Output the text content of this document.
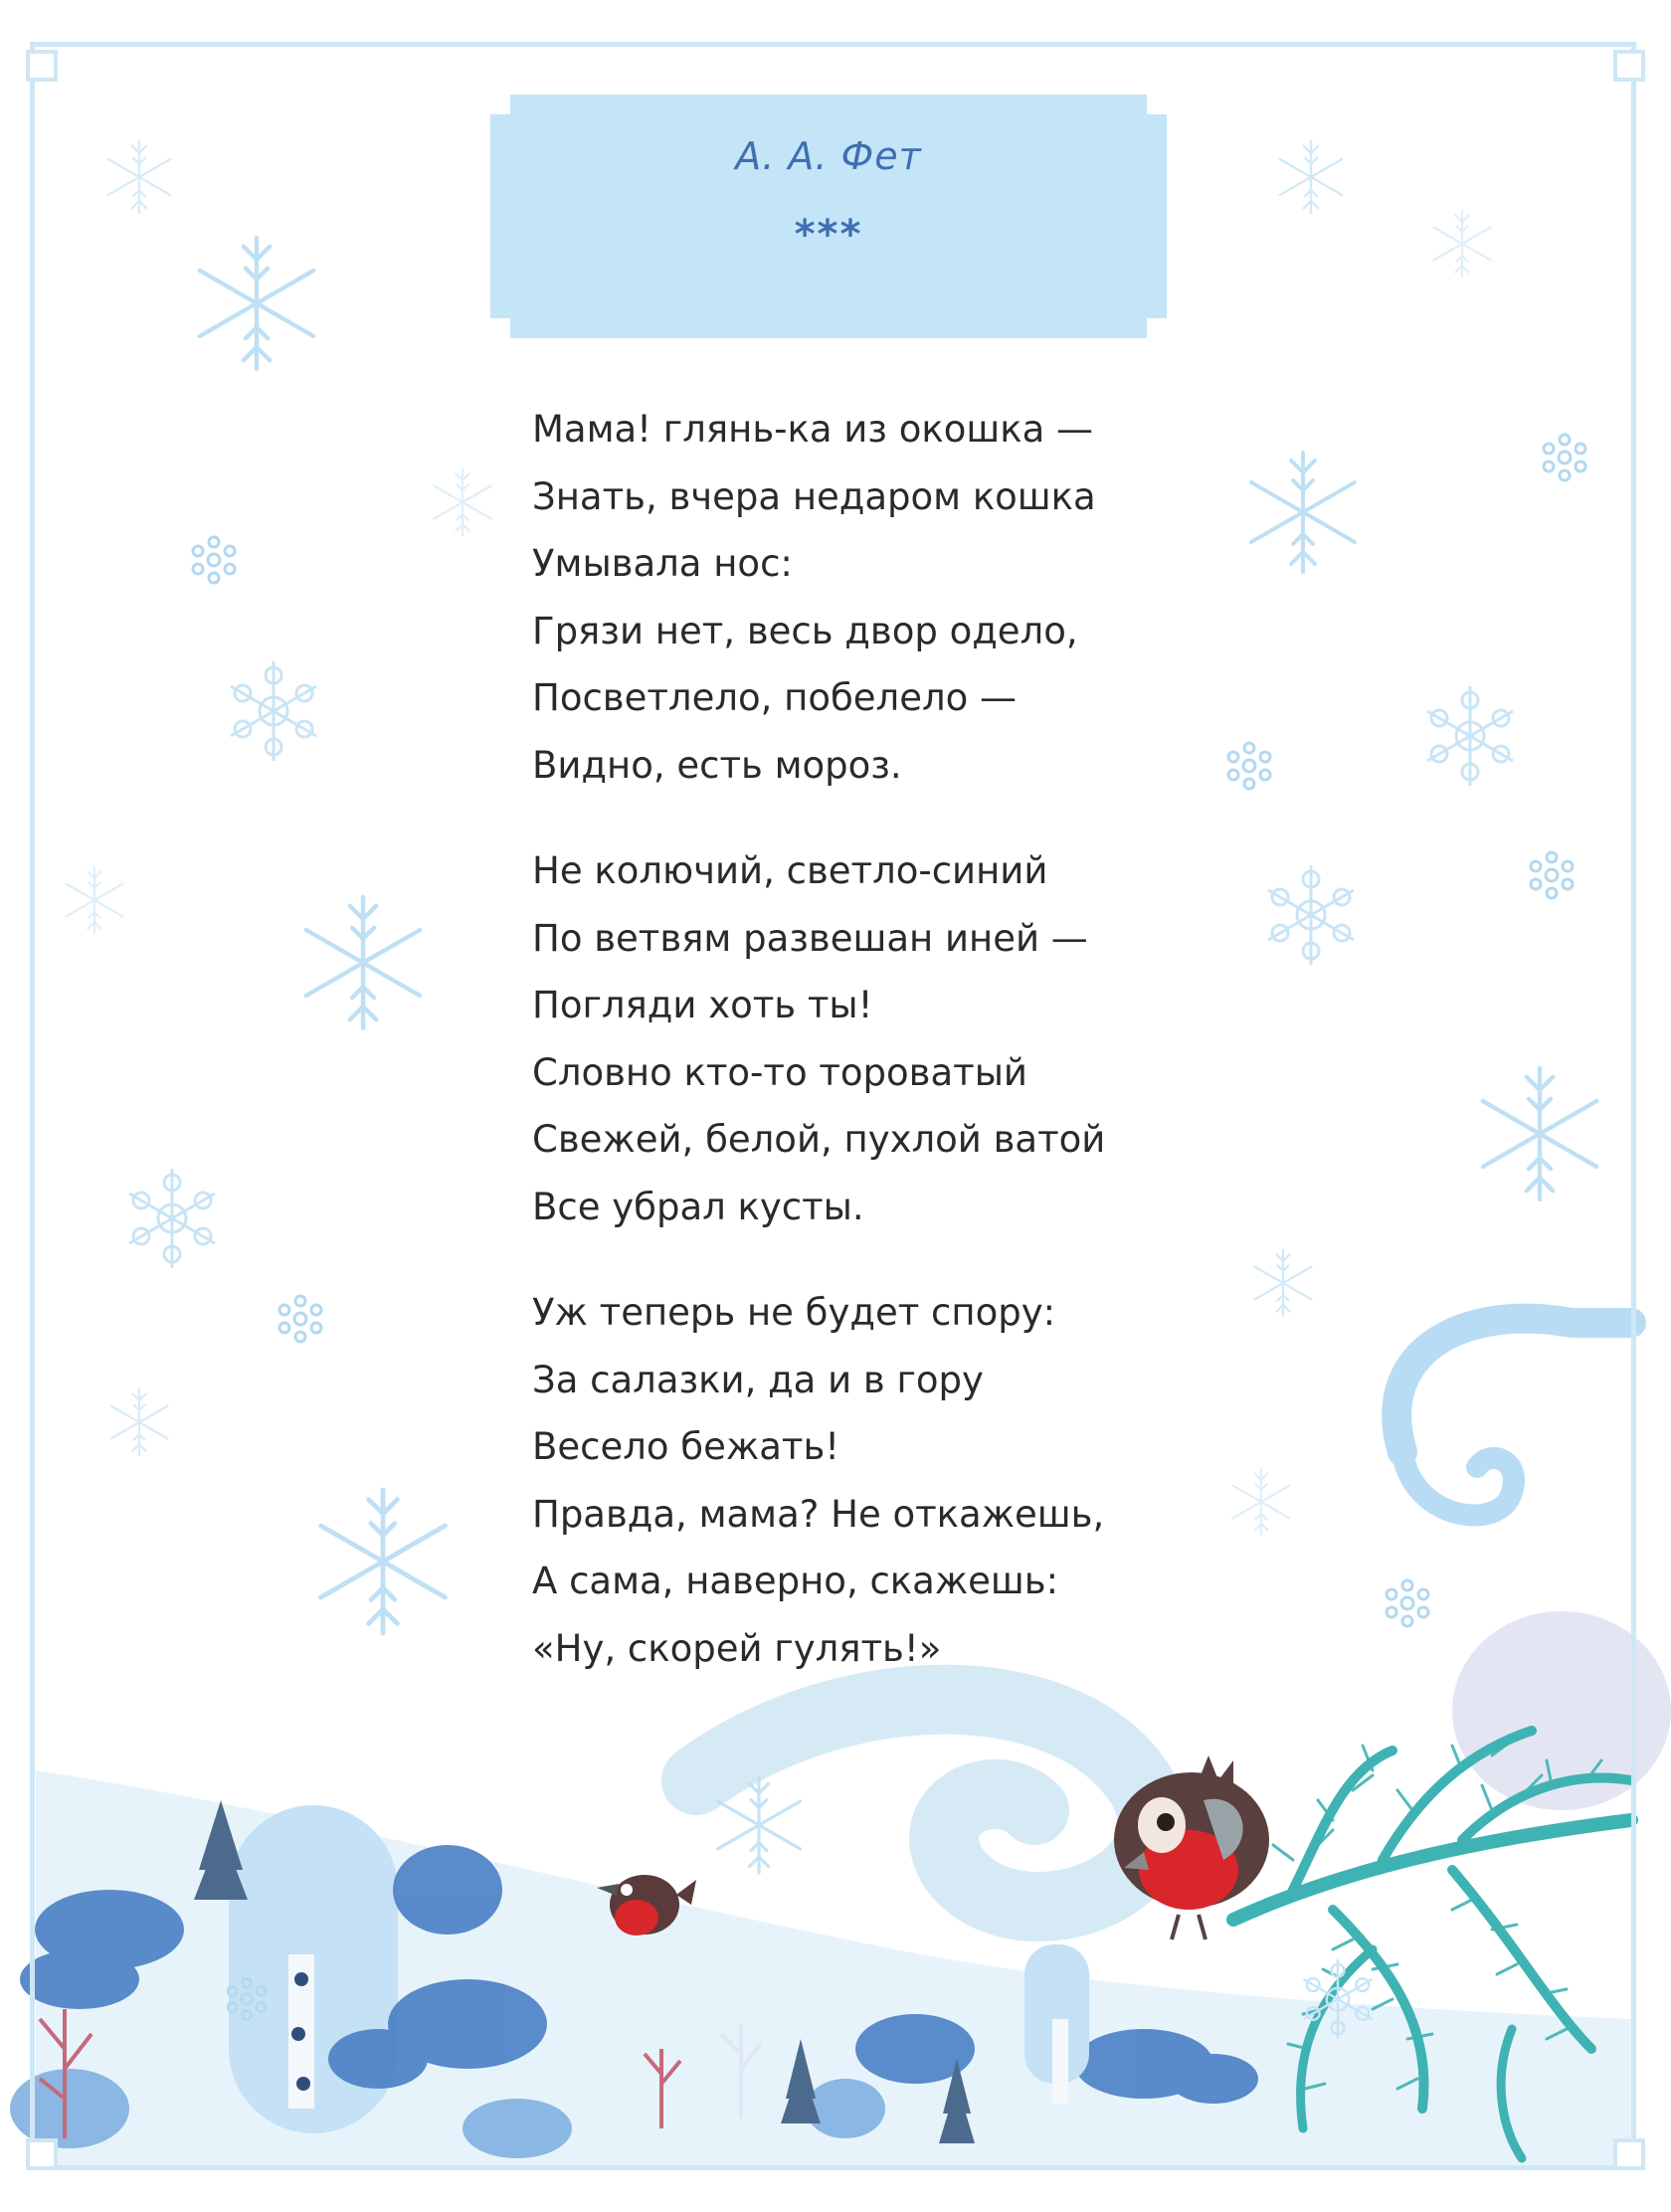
А. А. Фет
***
Мама! глянь-ка из окошка —
Знать, вчера недаром кошка
Умывала нос:
Грязи нет, весь двор одело,
Посветлело, побелело —
Видно, есть мороз.
Не колючий, светло-синий
По ветвям развешан иней —
Погляди хоть ты!
Словно кто-то тороватый
Свежей, белой, пухлой ватой
Все убрал кусты.
Уж теперь не будет спору:
За салазки, да и в гору
Весело бежать!
Правда, мама? Не откажешь,
А сама, наверно, скажешь:
«Ну, скорей гулять!»
